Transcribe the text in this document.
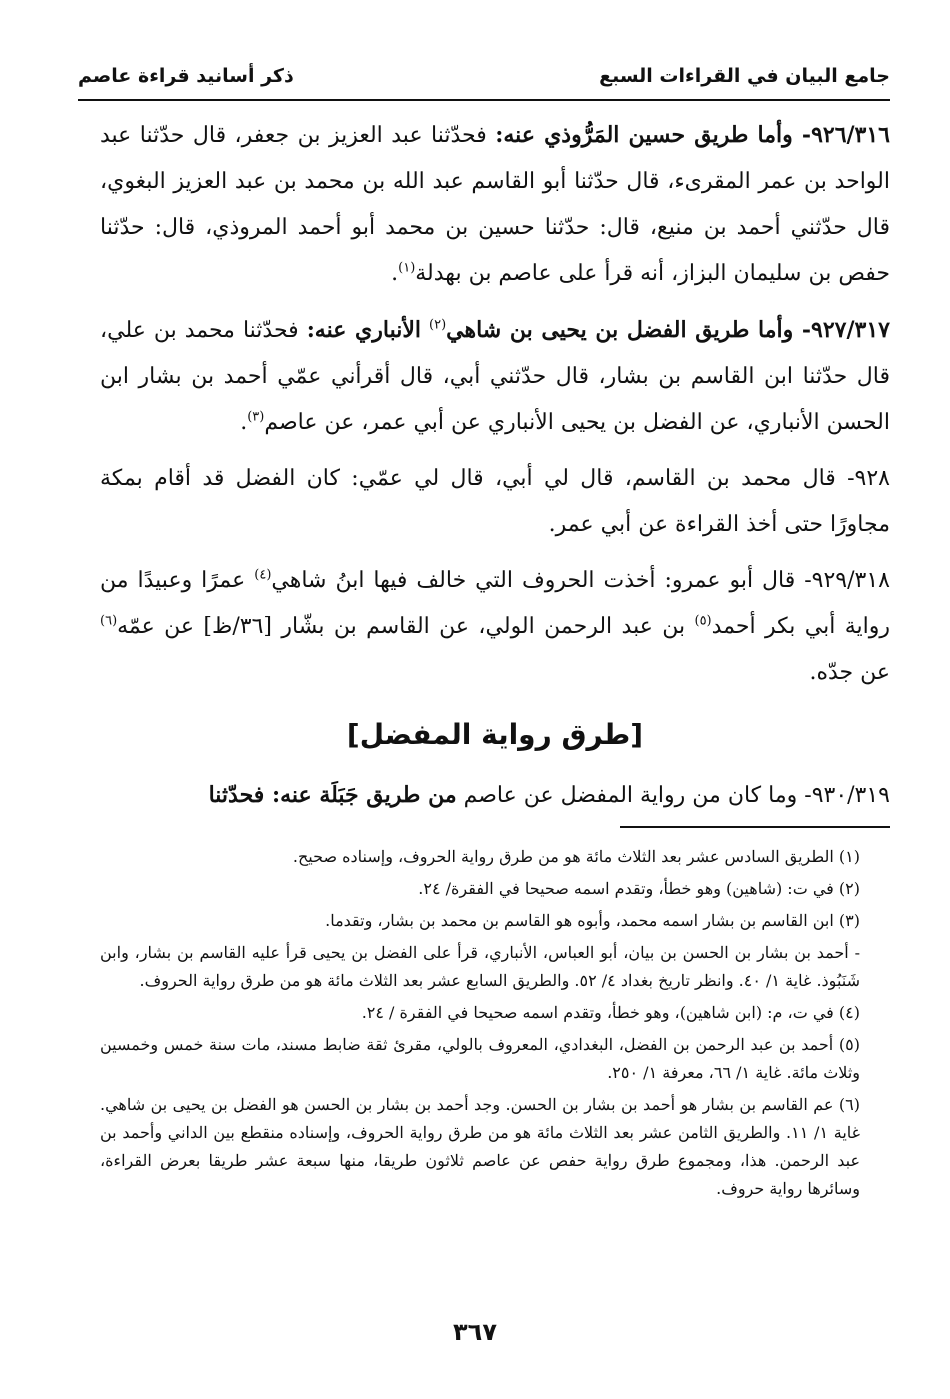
جامع البيان في القراءات السبع
ذكر أسانيد قراءة عاصم

٩٢٦/٣١٦- وأما طريق حسين المَرُّوذي عنه: فحدّثنا عبد العزيز بن جعفر، قال حدّثنا عبد الواحد بن عمر المقرىء، قال حدّثنا أبو القاسم عبد الله بن محمد بن عبد العزيز البغوي، قال حدّثني أحمد بن منيع، قال: حدّثنا حسين بن محمد أبو أحمد المروذي، قال: حدّثنا حفص بن سليمان البزاز، أنه قرأ على عاصم بن بهدلة$^{(١)}$.

٩٢٧/٣١٧- وأما طريق الفضل بن يحيى بن شاهي$^{(٢)}$ الأنباري عنه: فحدّثنا محمد بن علي، قال حدّثنا ابن القاسم بن بشار، قال حدّثني أبي، قال أقرأني عمّي أحمد بن بشار ابن الحسن الأنباري، عن الفضل بن يحيى الأنباري عن أبي عمر، عن عاصم$^{(٣)}$.

٩٢٨- قال محمد بن القاسم، قال لي أبي، قال لي عمّي: كان الفضل قد أقام بمكة مجاورًا حتى أخذ القراءة عن أبي عمر.

٩٢٩/٣١٨- قال أبو عمرو: أخذت الحروف التي خالف فيها ابنُ شاهي$^{(٤)}$ عمرًا وعبيدًا من رواية أبي بكر أحمد$^{(٥)}$ بن عبد الرحمن الولي، عن القاسم بن بشّار [٣٦/ظ] عن عمّه$^{(٦)}$ عن جدّه.

[طرق رواية المفضل]

٩٣٠/٣١٩- وما كان من رواية المفضل عن عاصم من طريق جَبَلَة عنه: فحدّثنا

(١) الطريق السادس عشر بعد الثلاث مائة هو من طرق رواية الحروف، وإسناده صحيح.

(٢) في ت: (شاهين) وهو خطأ، وتقدم اسمه صحيحا في الفقرة/ ٢٤.

(٣) ابن القاسم بن بشار اسمه محمد، وأبوه هو القاسم بن محمد بن بشار، وتقدما.

- أحمد بن بشار بن الحسن بن بيان، أبو العباس، الأنباري، قرأ على الفضل بن يحيى قرأ عليه القاسم بن بشار، وابن شَنَبُوذ. غاية ١/ ٤٠. وانظر تاريخ بغداد ٤/ ٥٢. والطريق السابع عشر بعد الثلاث مائة هو من طرق رواية الحروف.

(٤) في ت، م: (ابن شاهين)، وهو خطأ، وتقدم اسمه صحيحا في الفقرة / ٢٤.

(٥) أحمد بن عبد الرحمن بن الفضل، البغدادي، المعروف بالولي، مقرئ ثقة ضابط مسند، مات سنة خمس وخمسين وثلاث مائة. غاية ١/ ٦٦، معرفة ١/ ٢٥٠.

(٦) عم القاسم بن بشار هو أحمد بن بشار بن الحسن. وجد أحمد بن بشار بن الحسن هو الفضل بن يحيى بن شاهي. غاية ١/ ١١. والطريق الثامن عشر بعد الثلاث مائة هو من طرق رواية الحروف، وإسناده منقطع بين الداني وأحمد بن عبد الرحمن. هذا، ومجموع طرق رواية حفص عن عاصم ثلاثون طريقا، منها سبعة عشر طريقا بعرض القراءة، وسائرها رواية حروف.

٣٦٧
